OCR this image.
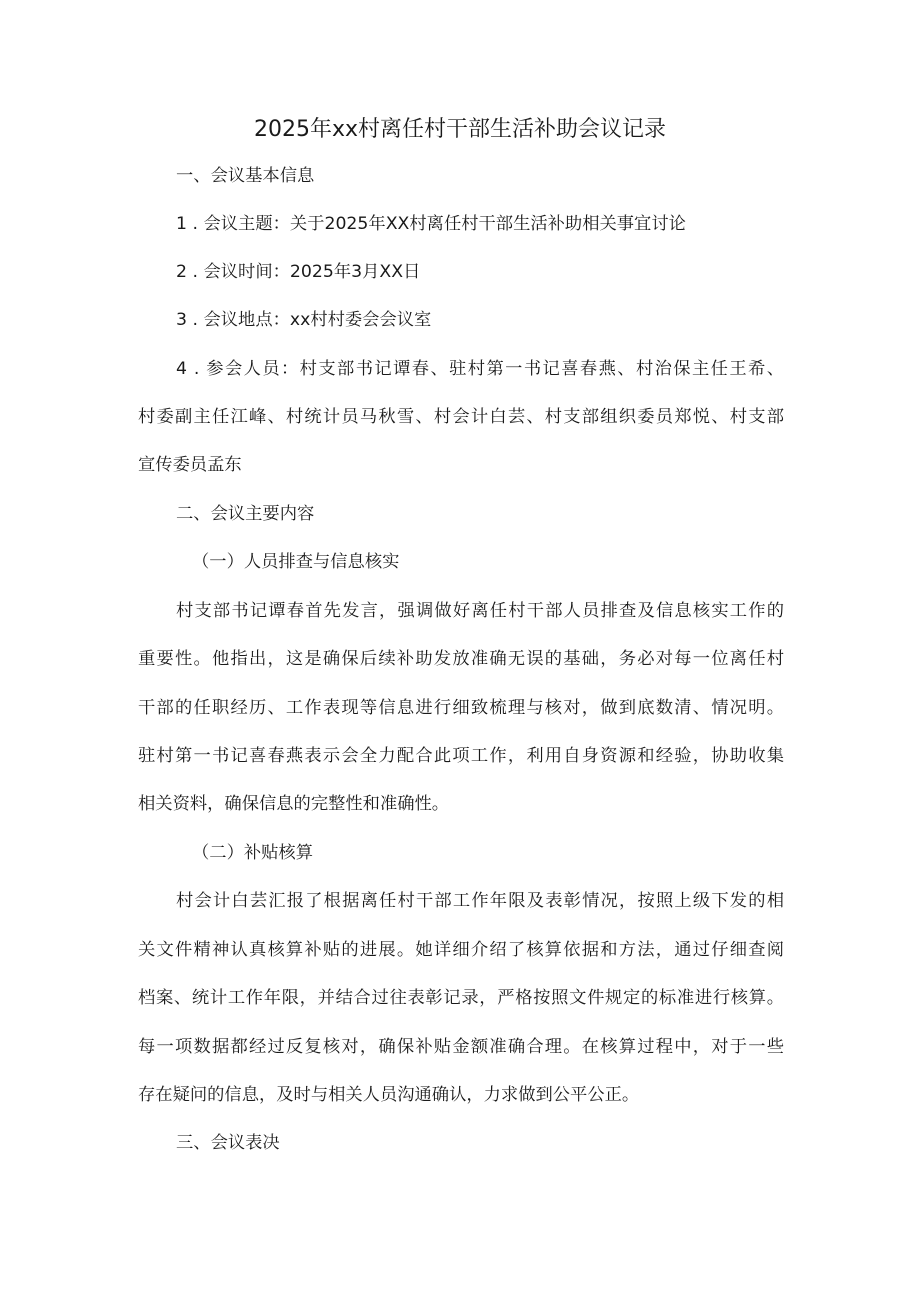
2025年xx村离任村干部生活补助会议记录
一、会议基本信息
1 . 会议主题：关于2025年XX村离任村干部生活补助相关事宜讨论
2 . 会议时间：2025年3月XX日
3 . 会议地点：xx村村委会会议室
4 . 参会人员：村支部书记谭春、驻村第一书记喜春燕、村治保主任王希、
村委副主任江峰、村统计员马秋雪、村会计白芸、村支部组织委员郑悦、村支部
宣传委员孟东
二、会议主要内容
（一）人员排查与信息核实
村支部书记谭春首先发言，强调做好离任村干部人员排查及信息核实工作的
重要性。他指出，这是确保后续补助发放准确无误的基础，务必对每一位离任村
干部的任职经历、工作表现等信息进行细致梳理与核对，做到底数清、情况明。
驻村第一书记喜春燕表示会全力配合此项工作，利用自身资源和经验，协助收集
相关资料，确保信息的完整性和准确性。
（二）补贴核算
村会计白芸汇报了根据离任村干部工作年限及表彰情况，按照上级下发的相
关文件精神认真核算补贴的进展。她详细介绍了核算依据和方法，通过仔细查阅
档案、统计工作年限，并结合过往表彰记录，严格按照文件规定的标准进行核算。
每一项数据都经过反复核对，确保补贴金额准确合理。在核算过程中，对于一些
存在疑问的信息，及时与相关人员沟通确认，力求做到公平公正。
三、会议表决
